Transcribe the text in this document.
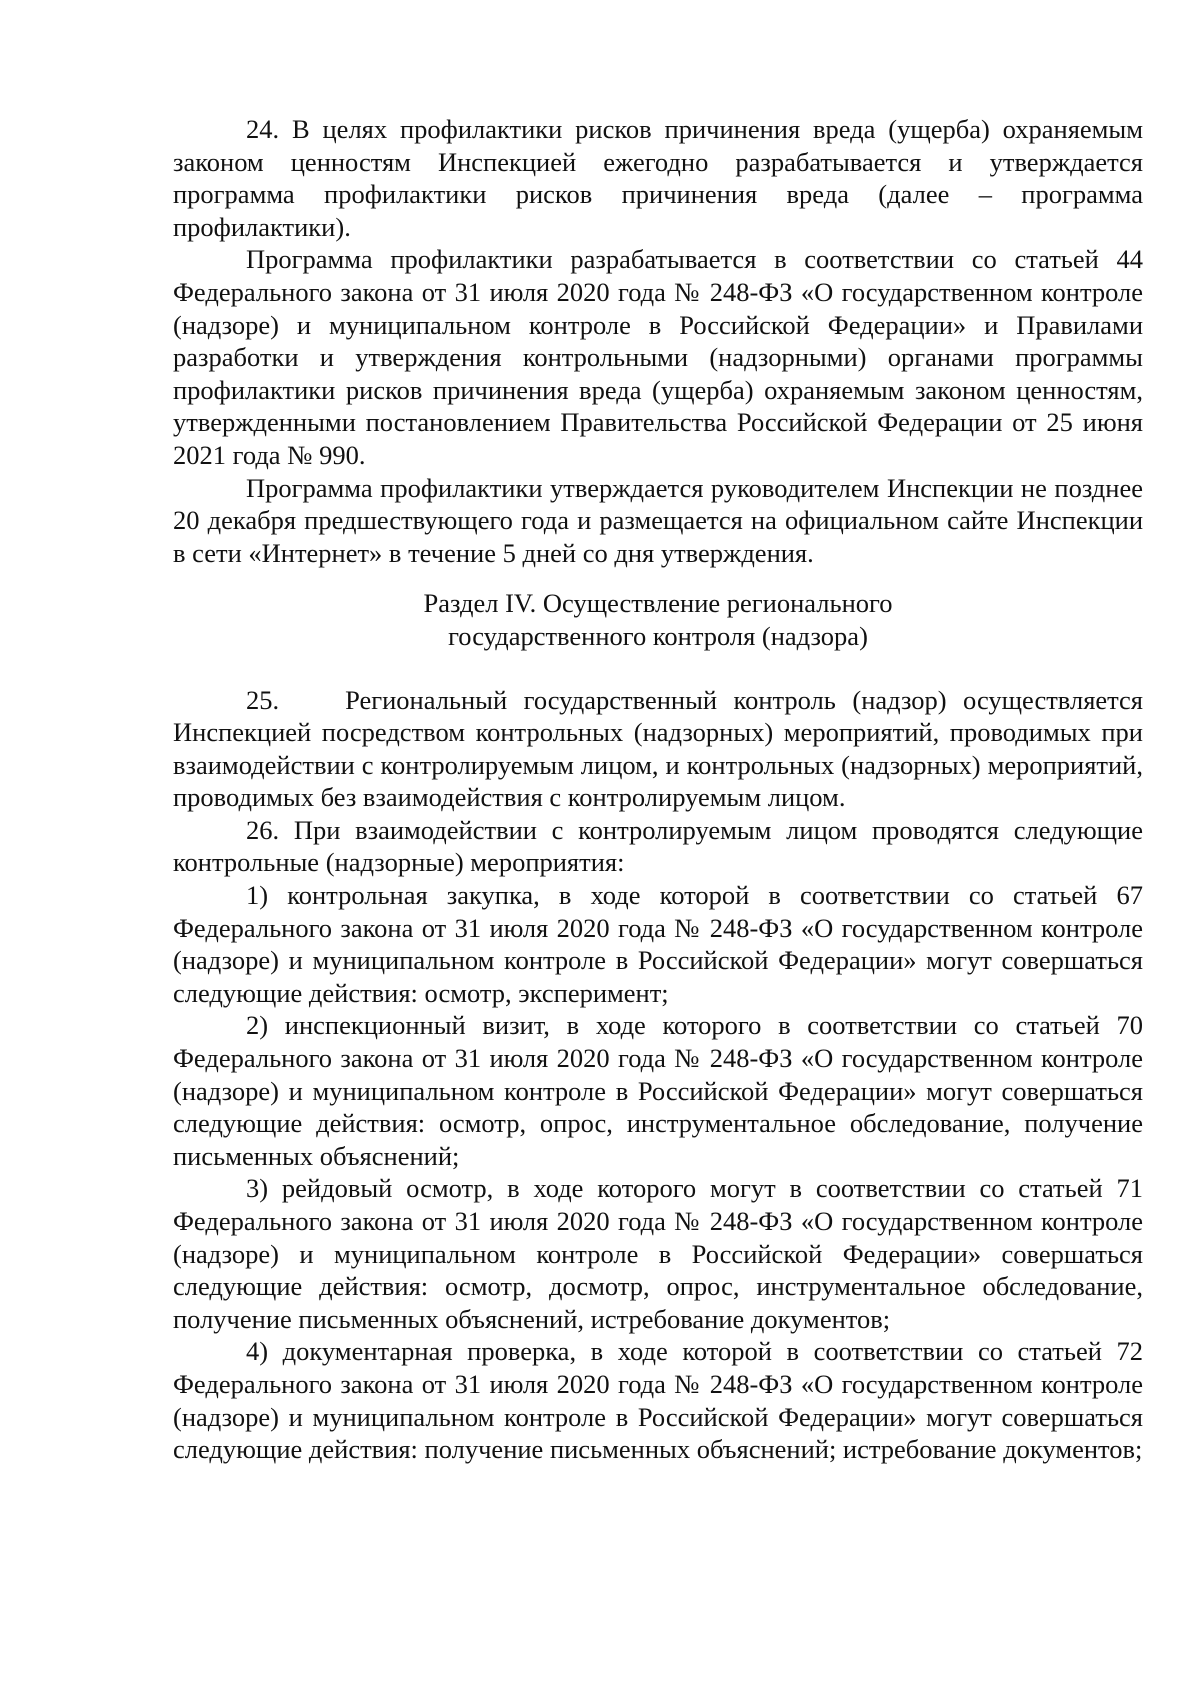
24. В целях профилактики рисков причинения вреда (ущерба) охраняемым законом ценностям Инспекцией ежегодно разрабатывается и утверждается программа профилактики рисков причинения вреда (далее – программа профилактики).

Программа профилактики разрабатывается в соответствии со статьей 44 Федерального закона от 31 июля 2020 года № 248-ФЗ «О государственном контроле (надзоре) и муниципальном контроле в Российской Федерации» и Правилами разработки и утверждения контрольными (надзорными) органами программы профилактики рисков причинения вреда (ущерба) охраняемым законом ценностям, утвержденными постановлением Правительства Российской Федерации от 25 июня 2021 года № 990.

Программа профилактики утверждается руководителем Инспекции не позднее 20 декабря предшествующего года и размещается на официальном сайте Инспекции в сети «Интернет» в течение 5 дней со дня утверждения.

Раздел IV. Осуществление регионального
государственного контроля (надзора)

25.    Региональный государственный контроль (надзор) осуществляется Инспекцией посредством контрольных (надзорных) мероприятий, проводимых при взаимодействии с контролируемым лицом, и контрольных (надзорных) мероприятий, проводимых без взаимодействия с контролируемым лицом.

26. При взаимодействии с контролируемым лицом проводятся следующие контрольные (надзорные) мероприятия:

1) контрольная закупка, в ходе которой в соответствии со статьей 67 Федерального закона от 31 июля 2020 года № 248-ФЗ «О государственном контроле (надзоре) и муниципальном контроле в Российской Федерации» могут совершаться следующие действия: осмотр, эксперимент;

2) инспекционный визит, в ходе которого в соответствии со статьей 70 Федерального закона от 31 июля 2020 года № 248-ФЗ «О государственном контроле (надзоре) и муниципальном контроле в Российской Федерации» могут совершаться следующие действия: осмотр, опрос, инструментальное обследование, получение письменных объяснений;

3) рейдовый осмотр, в ходе которого могут в соответствии со статьей 71 Федерального закона от 31 июля 2020 года № 248-ФЗ «О государственном контроле (надзоре) и муниципальном контроле в Российской Федерации» совершаться следующие действия: осмотр, досмотр, опрос, инструментальное обследование, получение письменных объяснений, истребование документов;

4) документарная проверка, в ходе которой в соответствии со статьей 72 Федерального закона от 31 июля 2020 года № 248-ФЗ «О государственном контроле (надзоре) и муниципальном контроле в Российской Федерации» могут совершаться следующие действия: получение письменных объяснений; истребование документов;
